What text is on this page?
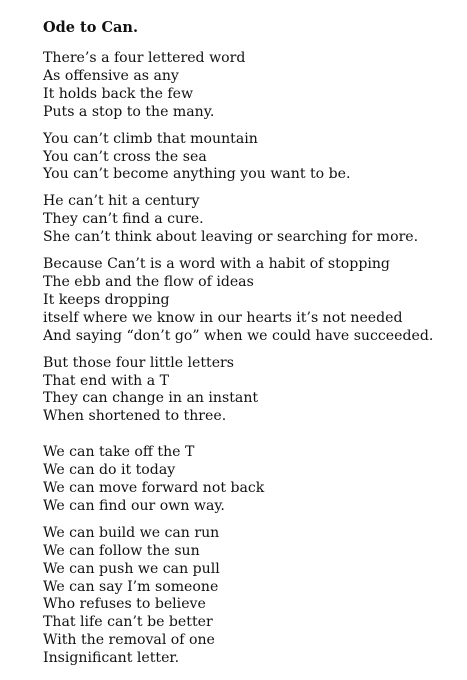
Ode to Can.
There’s a four lettered word
As offensive as any
It holds back the few
Puts a stop to the many.
You can’t climb that mountain
You can’t cross the sea
You can’t become anything you want to be.
He can’t hit a century
They can’t find a cure.
She can’t think about leaving or searching for more.
Because Can’t is a word with a habit of stopping
The ebb and the flow of ideas
It keeps dropping
itself where we know in our hearts it’s not needed
And saying “don’t go” when we could have succeeded.
But those four little letters
That end with a T
They can change in an instant
When shortened to three.
We can take off the T
We can do it today
We can move forward not back
We can find our own way.
We can build we can run
We can follow the sun
We can push we can pull
We can say I’m someone
Who refuses to believe
That life can’t be better
With the removal of one
Insignificant letter.
